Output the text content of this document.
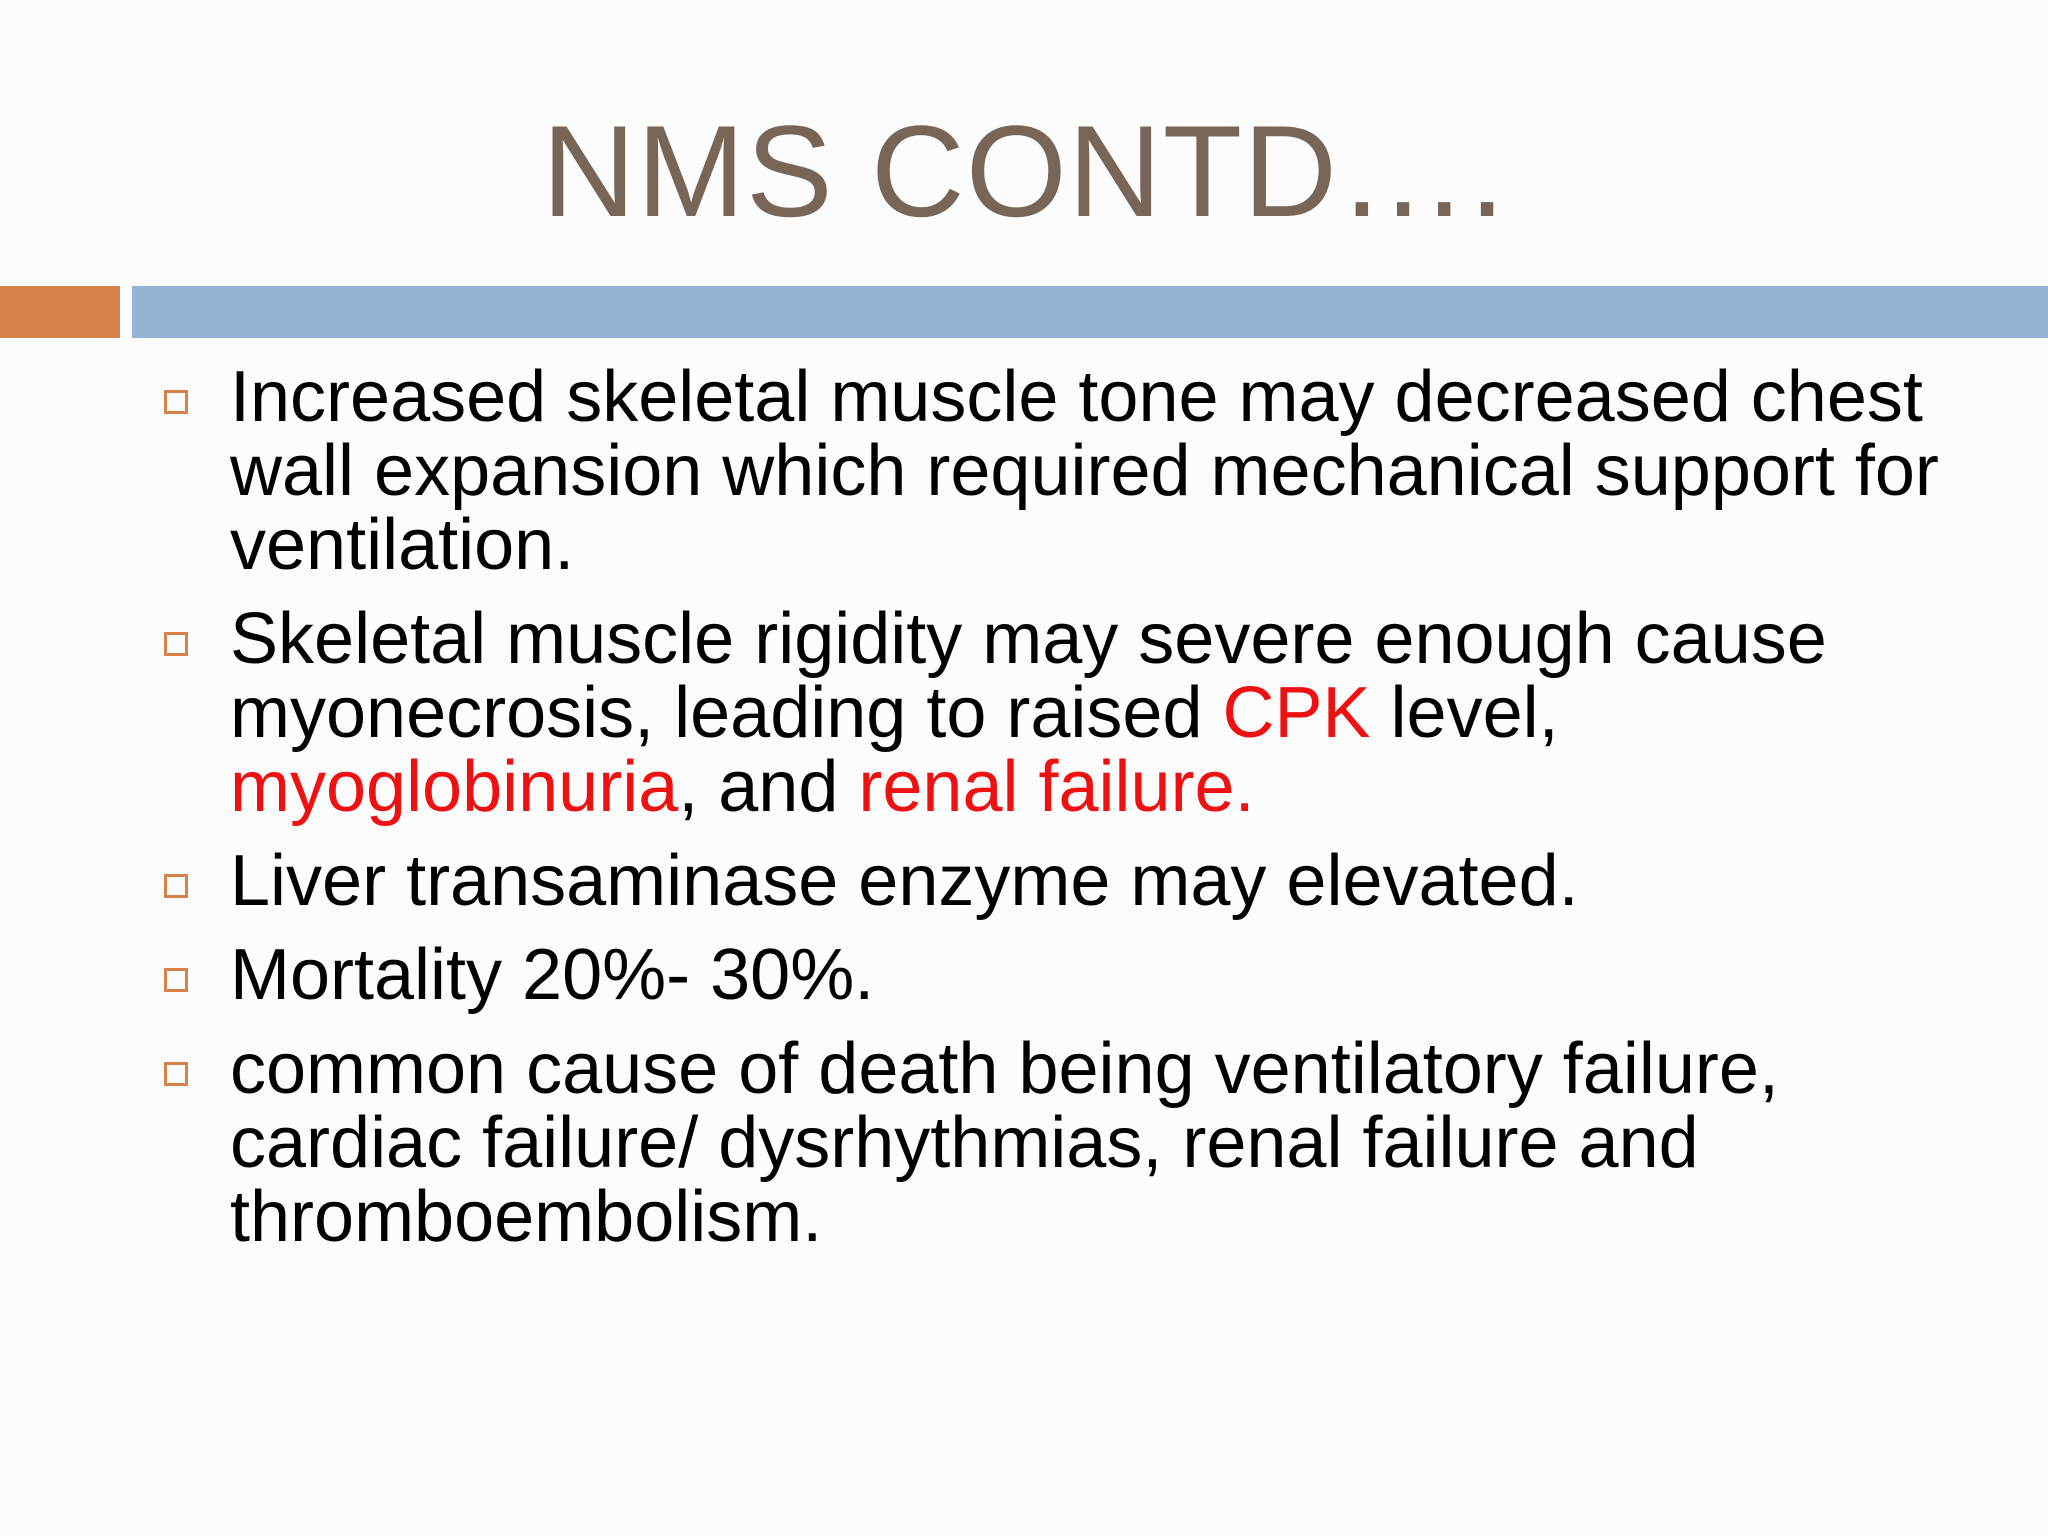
NMS CONTD….
Increased skeletal muscle tone may decreased chest wall expansion which required mechanical support for ventilation.
Skeletal muscle rigidity may severe enough cause myonecrosis, leading to raised CPK level, myoglobinuria, and renal failure.
Liver transaminase enzyme may elevated.
Mortality 20%- 30%.
common cause of death being ventilatory failure, cardiac failure/ dysrhythmias, renal failure and thromboembolism.
